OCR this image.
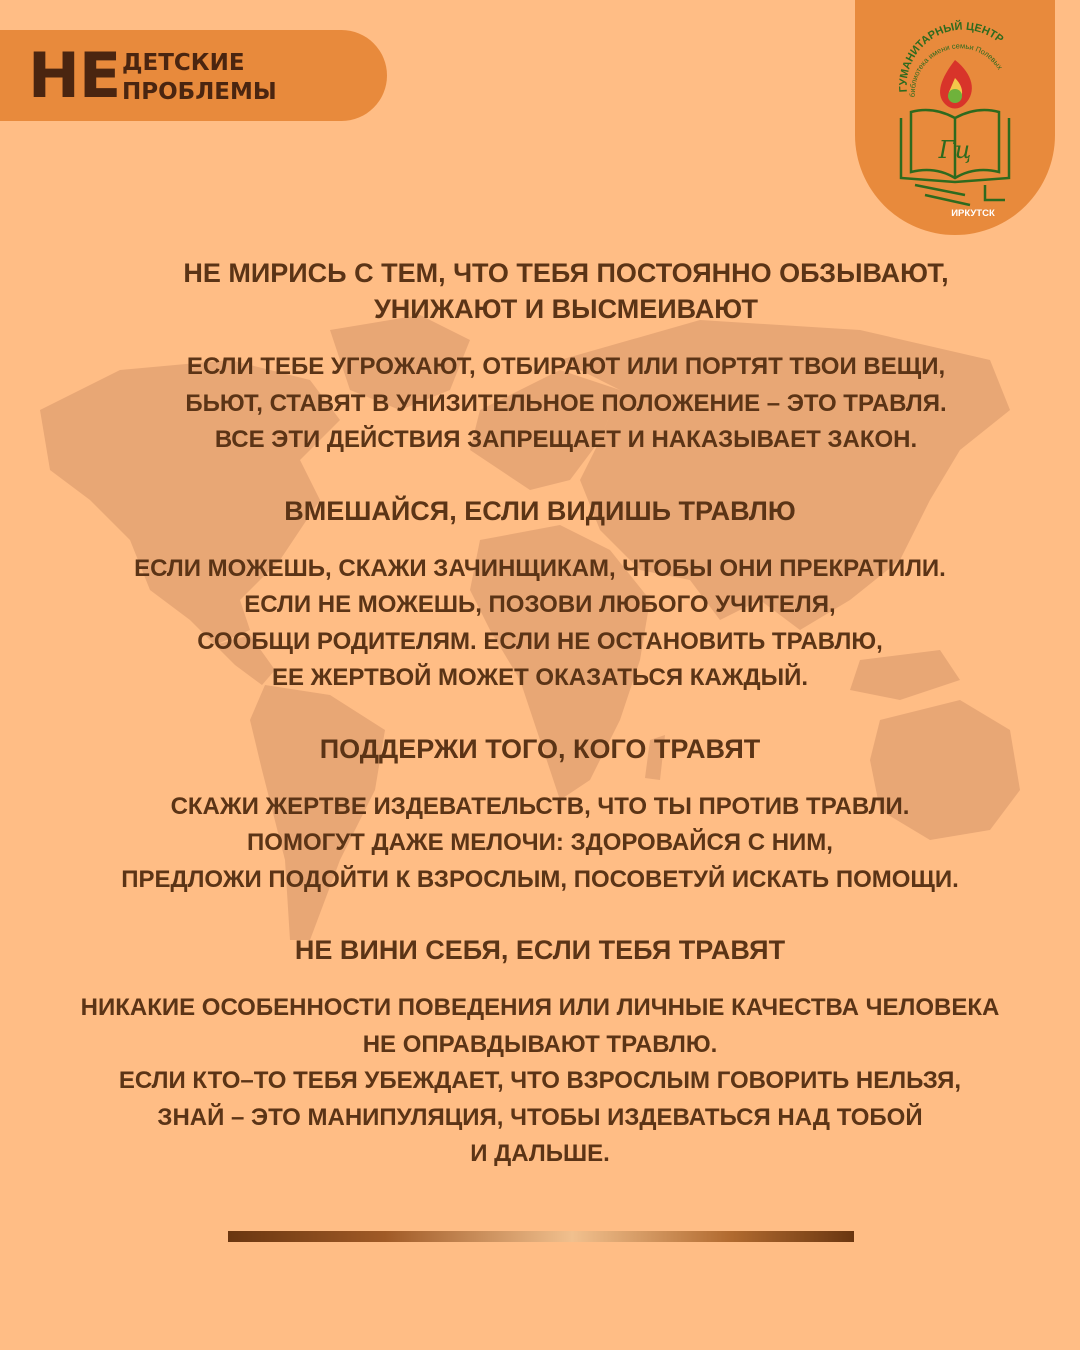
НЕ ДЕТСКИЕ
ПРОБЛЕМЫ	ГУМАНИТАРНЫЙ ЦЕНТР
библиотека имени семьи Полевых
Гц
ИРКУТСК

НЕ МИРИСЬ С ТЕМ, ЧТО ТЕБЯ ПОСТОЯННО ОБЗЫВАЮТ,

УНИЖАЮТ И ВЫСМЕИВАЮТ

ЕСЛИ ТЕБЕ УГРОЖАЮТ, ОТБИРАЮТ ИЛИ ПОРТЯТ ТВОИ ВЕЩИ,

БЬЮТ, СТАВЯТ В УНИЗИТЕЛЬНОЕ ПОЛОЖЕНИЕ – ЭТО ТРАВЛЯ.

ВСЕ ЭТИ ДЕЙСТВИЯ ЗАПРЕЩАЕТ И НАКАЗЫВАЕТ ЗАКОН.

ВМЕШАЙСЯ, ЕСЛИ ВИДИШЬ ТРАВЛЮ

ЕСЛИ МОЖЕШЬ, СКАЖИ ЗАЧИНЩИКАМ, ЧТОБЫ ОНИ ПРЕКРАТИЛИ.

ЕСЛИ НЕ МОЖЕШЬ, ПОЗОВИ ЛЮБОГО УЧИТЕЛЯ,

СООБЩИ РОДИТЕЛЯМ. ЕСЛИ НЕ ОСТАНОВИТЬ ТРАВЛЮ,

ЕЕ ЖЕРТВОЙ МОЖЕТ ОКАЗАТЬСЯ КАЖДЫЙ.

ПОДДЕРЖИ ТОГО, КОГО ТРАВЯТ

СКАЖИ ЖЕРТВЕ ИЗДЕВАТЕЛЬСТВ, ЧТО ТЫ ПРОТИВ ТРАВЛИ.

ПОМОГУТ ДАЖЕ МЕЛОЧИ: ЗДОРОВАЙСЯ С НИМ,

ПРЕДЛОЖИ ПОДОЙТИ К ВЗРОСЛЫМ, ПОСОВЕТУЙ ИСКАТЬ ПОМОЩИ.

НЕ ВИНИ СЕБЯ, ЕСЛИ ТЕБЯ ТРАВЯТ

НИКАКИЕ ОСОБЕННОСТИ ПОВЕДЕНИЯ ИЛИ ЛИЧНЫЕ КАЧЕСТВА ЧЕЛОВЕКА

НЕ ОПРАВДЫВАЮТ ТРАВЛЮ.

ЕСЛИ КТО–ТО ТЕБЯ УБЕЖДАЕТ, ЧТО ВЗРОСЛЫМ ГОВОРИТЬ НЕЛЬЗЯ,

ЗНАЙ – ЭТО МАНИПУЛЯЦИЯ, ЧТОБЫ ИЗДЕВАТЬСЯ НАД ТОБОЙ

И ДАЛЬШЕ.
